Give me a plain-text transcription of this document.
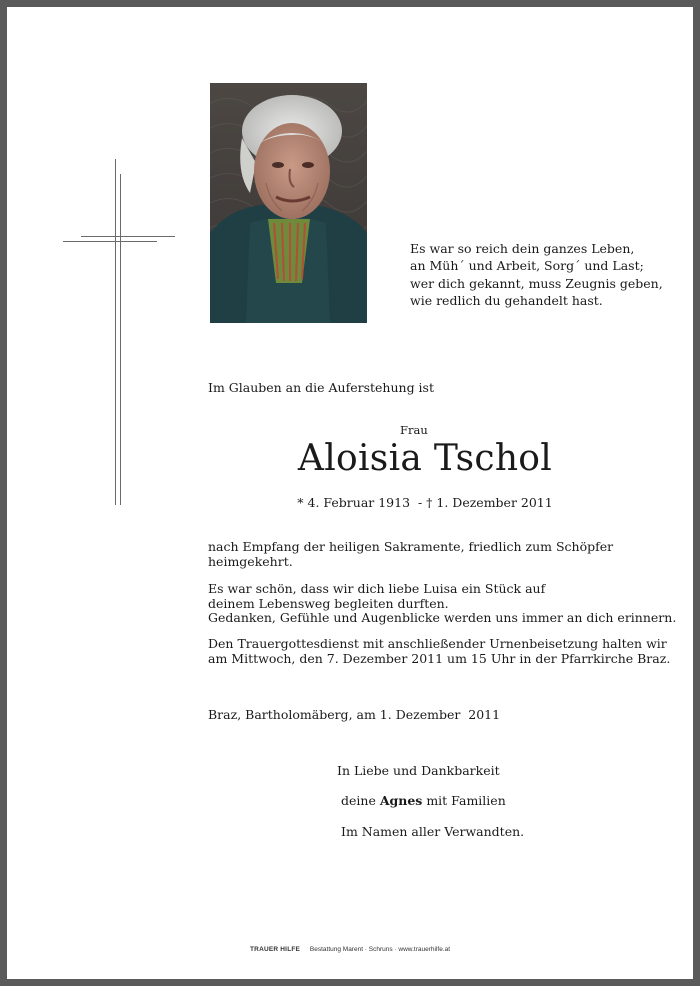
Es war so reich dein ganzes Leben,
an Müh´ und Arbeit, Sorg´ und Last;
wer dich gekannt, muss Zeugnis geben,
wie redlich du gehandelt hast.

Im Glauben an die Auferstehung ist

Frau

Aloisia Tschol

* 4. Februar 1913  - † 1. Dezember 2011

nach Empfang der heiligen Sakramente, friedlich zum Schöpfer
heimgekehrt.
Es war schön, dass wir dich liebe Luisa ein Stück auf
deinem Lebensweg begleiten durften.
Gedanken, Gefühle und Augenblicke werden uns immer an dich erinnern.
Den Trauergottesdienst mit anschließender Urnenbeisetzung halten wir
am Mittwoch, den 7. Dezember 2011 um 15 Uhr in der Pfarrkirche Braz.

Braz, Bartholomäberg, am 1. Dezember  2011

In Liebe und Dankbarkeit

deine Agnes mit Familien

Im Namen aller Verwandten.

TRAUER HILFE Bestattung Marent · Schruns · www.trauerhilfe.at
